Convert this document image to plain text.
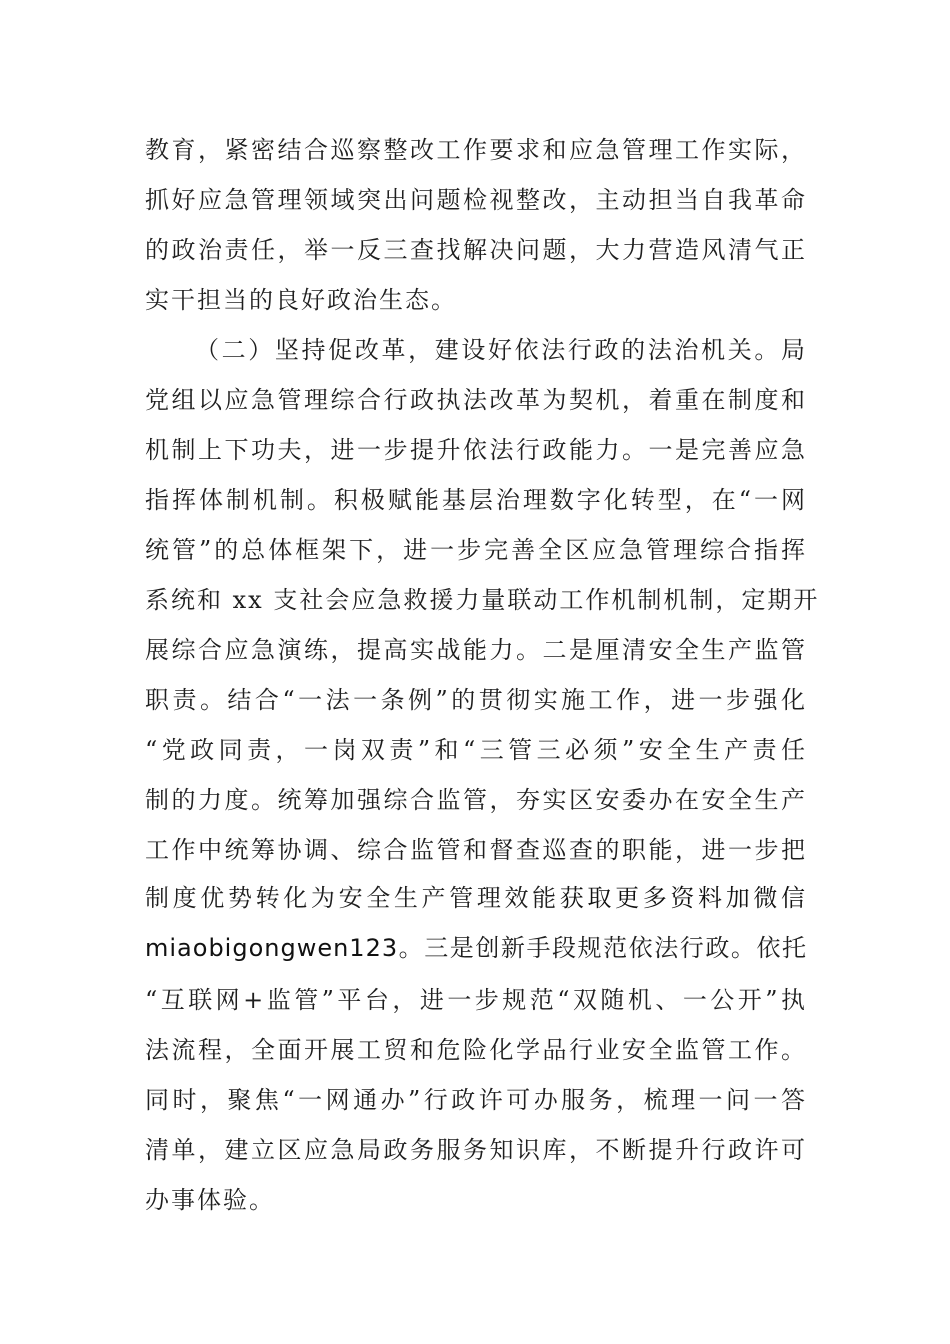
教育，紧密结合巡察整改工作要求和应急管理工作实际，
抓好应急管理领域突出问题检视整改，主动担当自我革命
的政治责任，举一反三查找解决问题，大力营造风清气正
实干担当的良好政治生态。
（二）坚持促改革，建设好依法行政的法治机关。局
党组以应急管理综合行政执法改革为契机，着重在制度和
机制上下功夫，进一步提升依法行政能力。一是完善应急
指挥体制机制。积极赋能基层治理数字化转型，在“一网
统管”的总体框架下，进一步完善全区应急管理综合指挥
系统和 xx 支社会应急救援力量联动工作机制机制，定期开
展综合应急演练，提高实战能力。二是厘清安全生产监管
职责。结合“一法一条例”的贯彻实施工作，进一步强化
“党政同责，一岗双责”和“三管三必须”安全生产责任
制的力度。统筹加强综合监管，夯实区安委办在安全生产
工作中统筹协调、综合监管和督查巡查的职能，进一步把
制度优势转化为安全生产管理效能获取更多资料加微信
miaobigongwen123。三是创新手段规范依法行政。依托
“互联网+监管”平台，进一步规范“双随机、一公开”执
法流程，全面开展工贸和危险化学品行业安全监管工作。
同时，聚焦“一网通办”行政许可办服务，梳理一问一答
清单，建立区应急局政务服务知识库，不断提升行政许可
办事体验。
